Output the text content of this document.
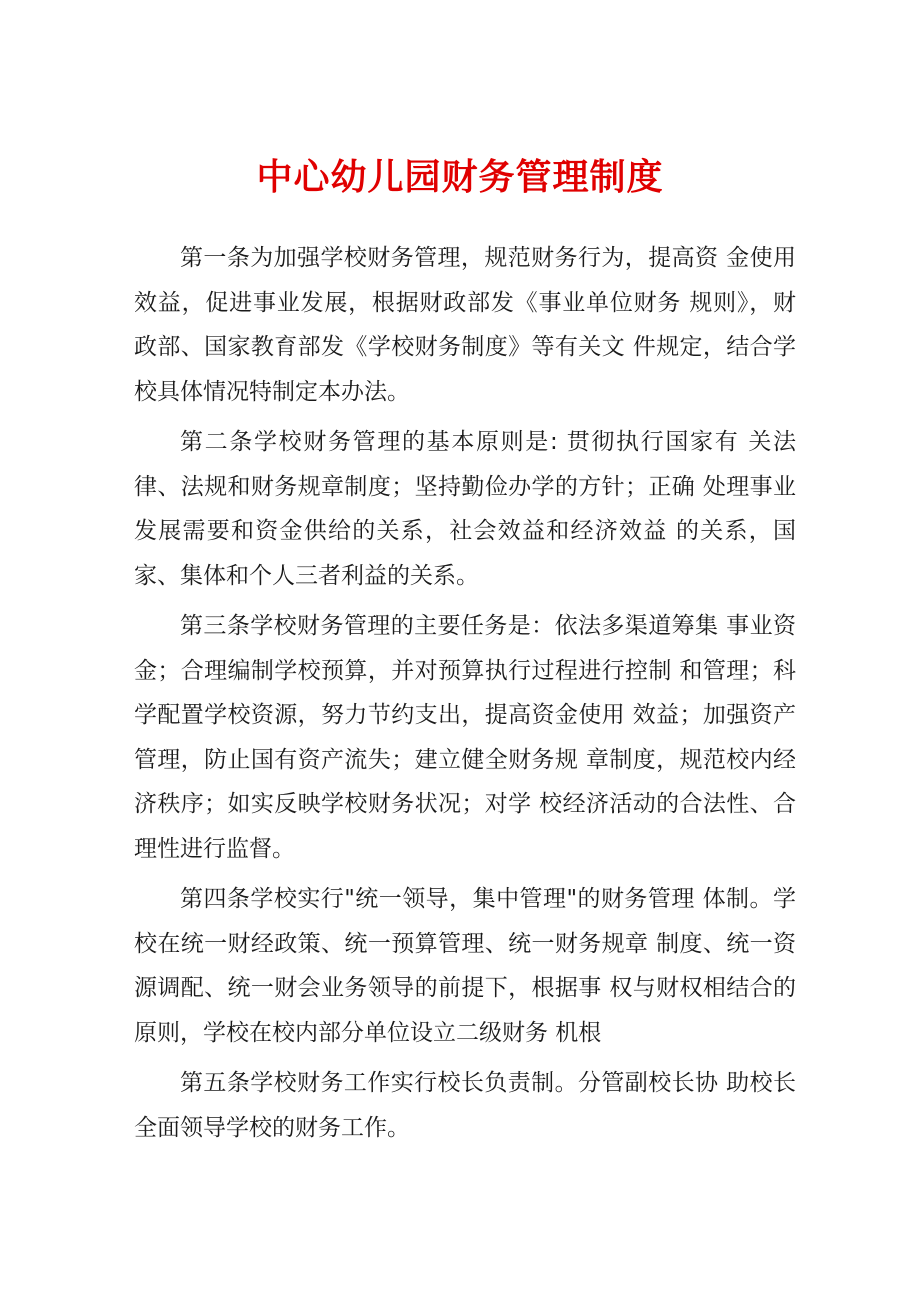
中心幼儿园财务管理制度

第一条为加强学校财务管理，规范财务行为，提高资 金使用效益，促进事业发展，根据财政部发《事业单位财务 规则》，财政部、国家教育部发《学校财务制度》等有关文 件规定，结合学校具体情况特制定本办法。

第二条学校财务管理的基本原则是: 贯彻执行国家有 关法律、法规和财务规章制度；坚持勤俭办学的方针；正确 处理事业发展需要和资金供给的关系，社会效益和经济效益 的关系，国家、集体和个人三者利益的关系。

第三条学校财务管理的主要任务是：依法多渠道筹集 事业资金；合理编制学校预算，并对预算执行过程进行控制 和管理；科学配置学校资源，努力节约支出，提高资金使用 效益；加强资产管理，防止国有资产流失；建立健全财务规 章制度，规范校内经济秩序；如实反映学校财务状况；对学 校经济活动的合法性、合理性进行监督。

第四条学校实行"统一领导，集中管理"的财务管理 体制。学校在统一财经政策、统一预算管理、统一财务规章 制度、统一资源调配、统一财会业务领导的前提下，根据事 权与财权相结合的原则，学校在校内部分单位设立二级财务 机根

第五条学校财务工作实行校长负责制。分管副校长协 助校长全面领导学校的财务工作。
